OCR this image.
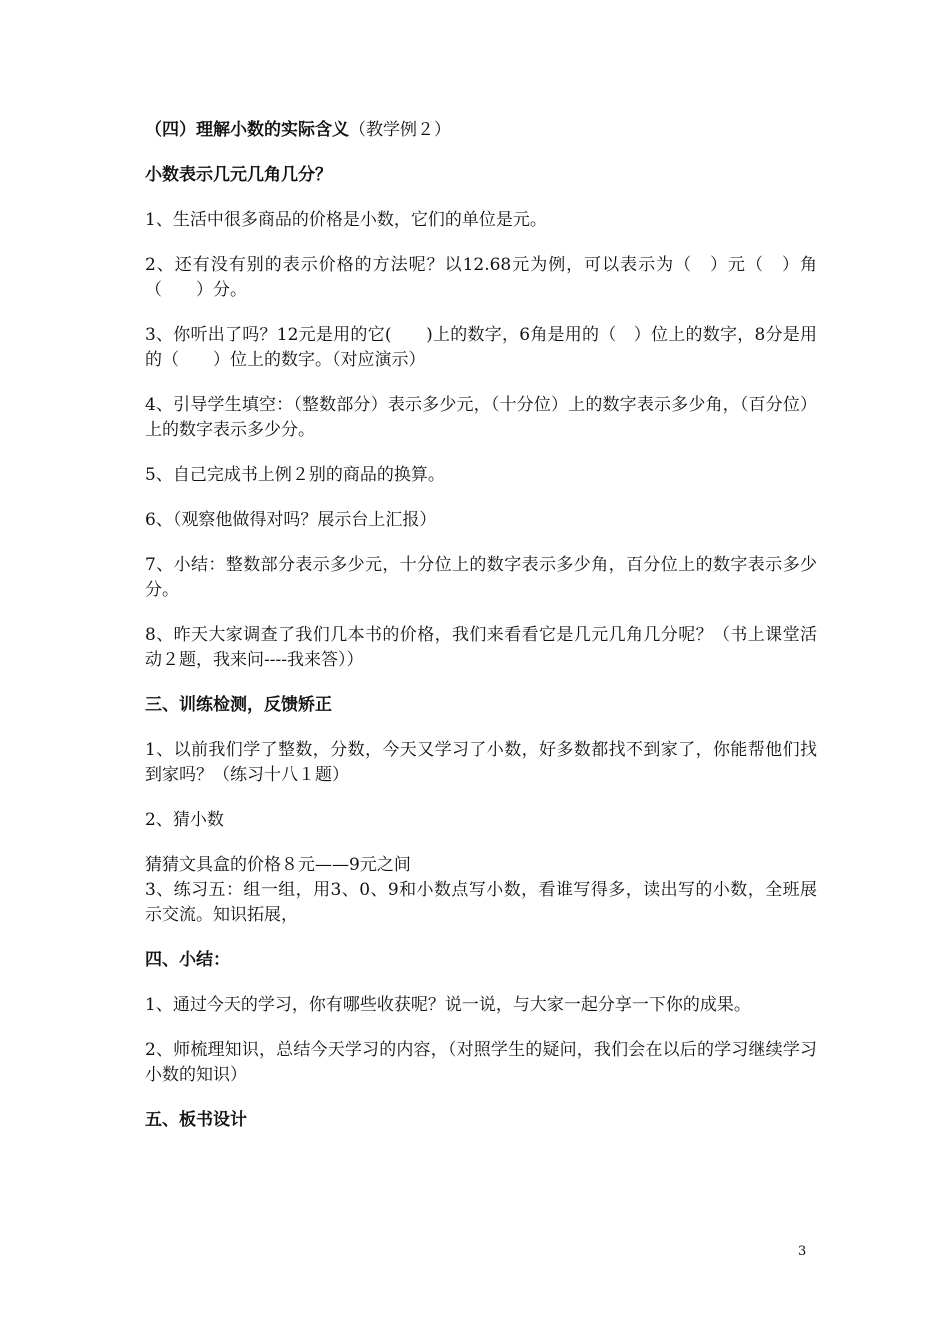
（四）理解小数的实际含义（教学例２）

小数表示几元几角几分？

1、生活中很多商品的价格是小数，它们的单位是元。

2、还有没有别的表示价格的方法呢？以12.68元为例，可以表示为（　）元（　）角（　　）分。

3、你听出了吗？12元是用的它(　　)上的数字，6角是用的（　）位上的数字，8分是用的（　　）位上的数字。（对应演示）

4、引导学生填空：（整数部分）表示多少元，（十分位）上的数字表示多少角，（百分位）上的数字表示多少分。

5、自己完成书上例２别的商品的换算。

6、（观察他做得对吗？展示台上汇报）

7、小结：整数部分表示多少元，十分位上的数字表示多少角，百分位上的数字表示多少分。

8、昨天大家调查了我们几本书的价格，我们来看看它是几元几角几分呢？（书上课堂活动２题，我来问----我来答））

三、训练检测，反馈矫正

1、以前我们学了整数，分数，今天又学习了小数，好多数都找不到家了，你能帮他们找到家吗？（练习十八１题）

2、猜小数

猜猜文具盒的价格８元——9元之间

3、练习五：组一组，用3、0、9和小数点写小数，看谁写得多，读出写的小数，全班展示交流。知识拓展，

四、小结：

1、通过今天的学习，你有哪些收获呢？说一说，与大家一起分享一下你的成果。

2、师梳理知识，总结今天学习的内容，（对照学生的疑问，我们会在以后的学习继续学习小数的知识）

五、板书设计

3
